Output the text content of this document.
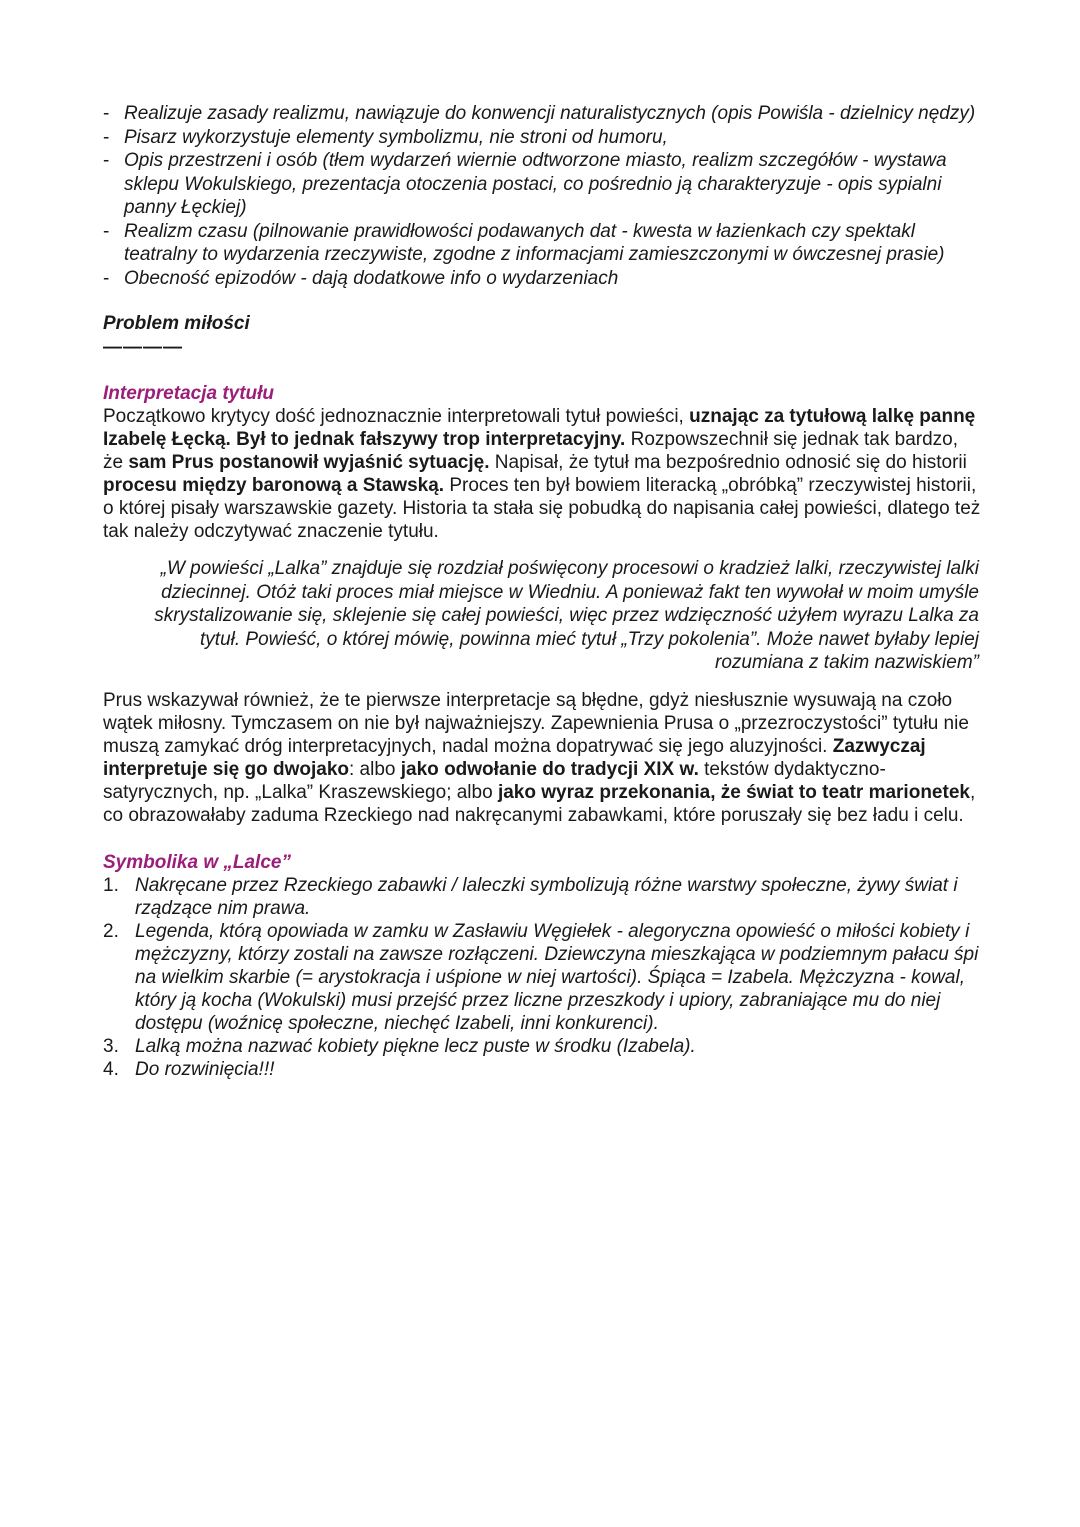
- Realizuje zasady realizmu, nawiązuje do konwencji naturalistycznych (opis Powiśla - dzielnicy nędzy)
- Pisarz wykorzystuje elementy symbolizmu, nie stroni od humoru,
- Opis przestrzeni i osób (tłem wydarzeń wiernie odtworzone miasto, realizm szczegółów - wystawa sklepu Wokulskiego, prezentacja otoczenia postaci, co pośrednio ją charakteryzuje - opis sypialni panny Łęckiej)
- Realizm czasu (pilnowanie prawidłowości podawanych dat - kwesta w łazienkach czy spektakl teatralny to wydarzenia rzeczywiste, zgodne z informacjami zamieszczonymi w ówczesnej prasie)
- Obecność epizodów - dają dodatkowe info o wydarzeniach
Problem miłości
————
Interpretacja tytułu

Początkowo krytycy dość jednoznacznie interpretowali tytuł powieści, uznając za tytułową lalkę pannę Izabelę Łęcką. Był to jednak fałszywy trop interpretacyjny. Rozpowszechnił się jednak tak bardzo, że sam Prus postanowił wyjaśnić sytuację. Napisał, że tytuł ma bezpośrednio odnosić się do historii procesu między baronową a Stawską. Proces ten był bowiem literacką „obróbką” rzeczywistej historii, o której pisały warszawskie gazety. Historia ta stała się pobudką do napisania całej powieści, dlatego też tak należy odczytywać znaczenie tytułu.

„W powieści „Lalka” znajduje się rozdział poświęcony procesowi o kradzież lalki, rzeczywistej lalki dziecinnej. Otóż taki proces miał miejsce w Wiedniu. A ponieważ fakt ten wywołał w moim umyśle skrystalizowanie się, sklejenie się całej powieści, więc przez wdzięczność użyłem wyrazu Lalka za tytuł. Powieść, o której mówię, powinna mieć tytuł „Trzy pokolenia”. Może nawet byłaby lepiej rozumiana z takim nazwiskiem”

Prus wskazywał również, że te pierwsze interpretacje są błędne, gdyż niesłusznie wysuwają na czoło wątek miłosny. Tymczasem on nie był najważniejszy. Zapewnienia Prusa o „przezroczystości” tytułu nie muszą zamykać dróg interpretacyjnych, nadal można dopatrywać się jego aluzyjności. Zazwyczaj interpretuje się go dwojako: albo jako odwołanie do tradycji XIX w. tekstów dydaktyczno-satyrycznych, np. „Lalka” Kraszewskiego; albo jako wyraz przekonania, że świat to teatr marionetek, co obrazowałaby zaduma Rzeckiego nad nakręcanymi zabawkami, które poruszały się bez ładu i celu.

Symbolika w „Lalce”
1. Nakręcane przez Rzeckiego zabawki / laleczki symbolizują różne warstwy społeczne, żywy świat i rządzące nim prawa.
2. Legenda, którą opowiada w zamku w Zasławiu Węgiełek - alegoryczna opowieść o miłości kobiety i mężczyzny, którzy zostali na zawsze rozłączeni. Dziewczyna mieszkająca w podziemnym pałacu śpi na wielkim skarbie (= arystokracja i uśpione w niej wartości). Śpiąca = Izabela. Mężczyzna - kowal, który ją kocha (Wokulski) musi przejść przez liczne przeszkody i upiory, zabraniające mu do niej dostępu (woźnicę społeczne, niechęć Izabeli, inni konkurenci).
3. Lalką można nazwać kobiety piękne lecz puste w środku (Izabela).
4. Do rozwinięcia!!!
